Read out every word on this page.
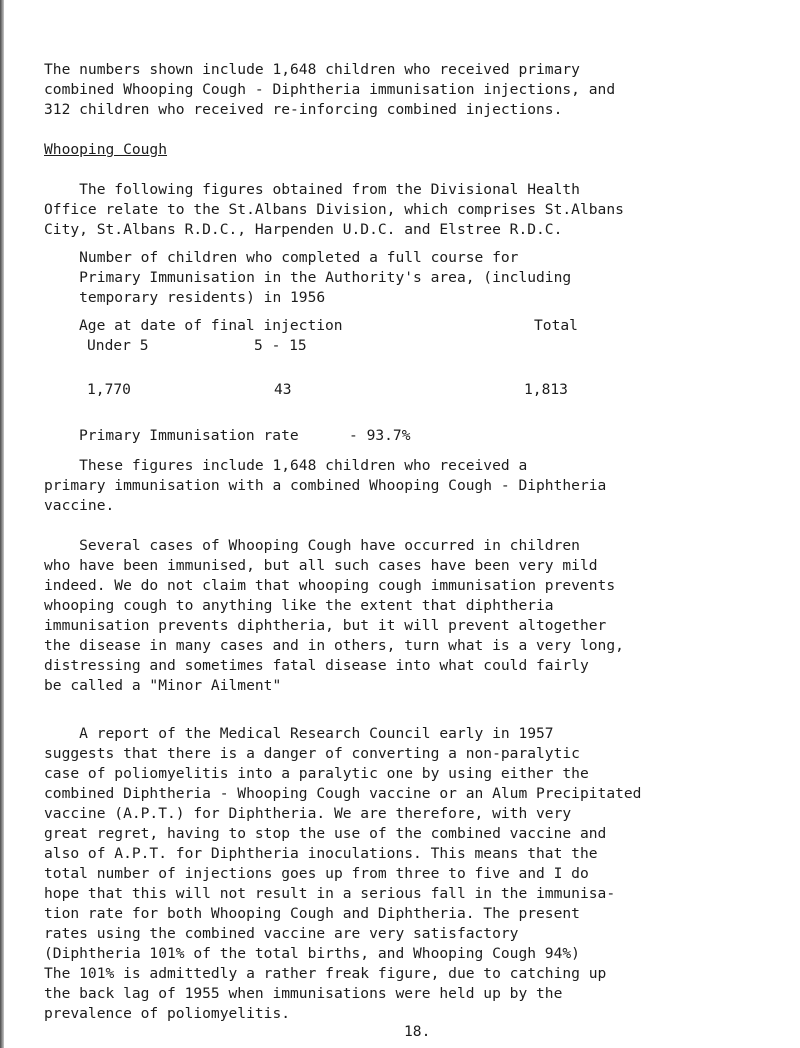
The numbers shown include 1,648 children who received primary

combined Whooping Cough - Diphtheria immunisation injections, and

312 children who received re-inforcing combined injections.

Whooping Cough

The following figures obtained from the Divisional Health

Office relate to the St.Albans Division, which comprises St.Albans

City, St.Albans R.D.C., Harpenden U.D.C. and Elstree R.D.C.

Number of children who completed a full course for

Primary Immunisation in the Authority's area, (including

temporary residents) in 1956

Age at date of final injection	Total
Under 5	5 - 15
1,770	43	1,813
Primary Immunisation rate	- 93.7%

These figures include 1,648 children who received a

primary immunisation with a combined Whooping Cough - Diphtheria

vaccine.

Several cases of Whooping Cough have occurred in children

who have been immunised, but all such cases have been very mild

indeed. We do not claim that whooping cough immunisation prevents

whooping cough to anything like the extent that diphtheria

immunisation prevents diphtheria, but it will prevent altogether

the disease in many cases and in others, turn what is a very long,

distressing and sometimes fatal disease into what could fairly

be called a "Minor Ailment"

A report of the Medical Research Council early in 1957

suggests that there is a danger of converting a non-paralytic

case of poliomyelitis into a paralytic one by using either the

combined Diphtheria - Whooping Cough vaccine or an Alum Precipitated

vaccine (A.P.T.) for Diphtheria. We are therefore, with very

great regret, having to stop the use of the combined vaccine and

also of A.P.T. for Diphtheria inoculations. This means that the

total number of injections goes up from three to five and I do

hope that this will not result in a serious fall in the immunisa-

tion rate for both Whooping Cough and Diphtheria. The present

rates using the combined vaccine are very satisfactory

(Diphtheria 101% of the total births, and Whooping Cough 94%)

The 101% is admittedly a rather freak figure, due to catching up

the back lag of 1955 when immunisations were held up by the

prevalence of poliomyelitis.

18.
